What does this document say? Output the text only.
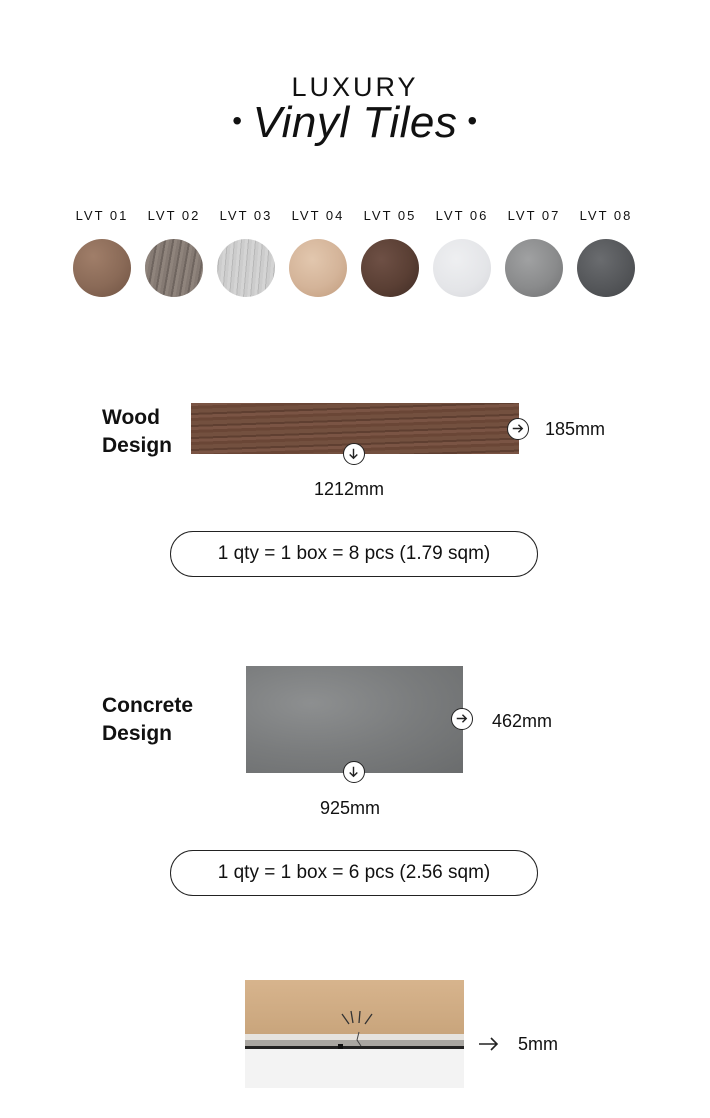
LUXURY
• Vinyl Tiles •
LVT 01	LVT 02	LVT 03	LVT 04	LVT 05	LVT 06	LVT 07	LVT 08
Wood
Design
185mm
1212mm
1 qty = 1 box = 8 pcs (1.79 sqm)
Concrete
Design
462mm
925mm
1 qty = 1 box = 6 pcs (2.56 sqm)
5mm
